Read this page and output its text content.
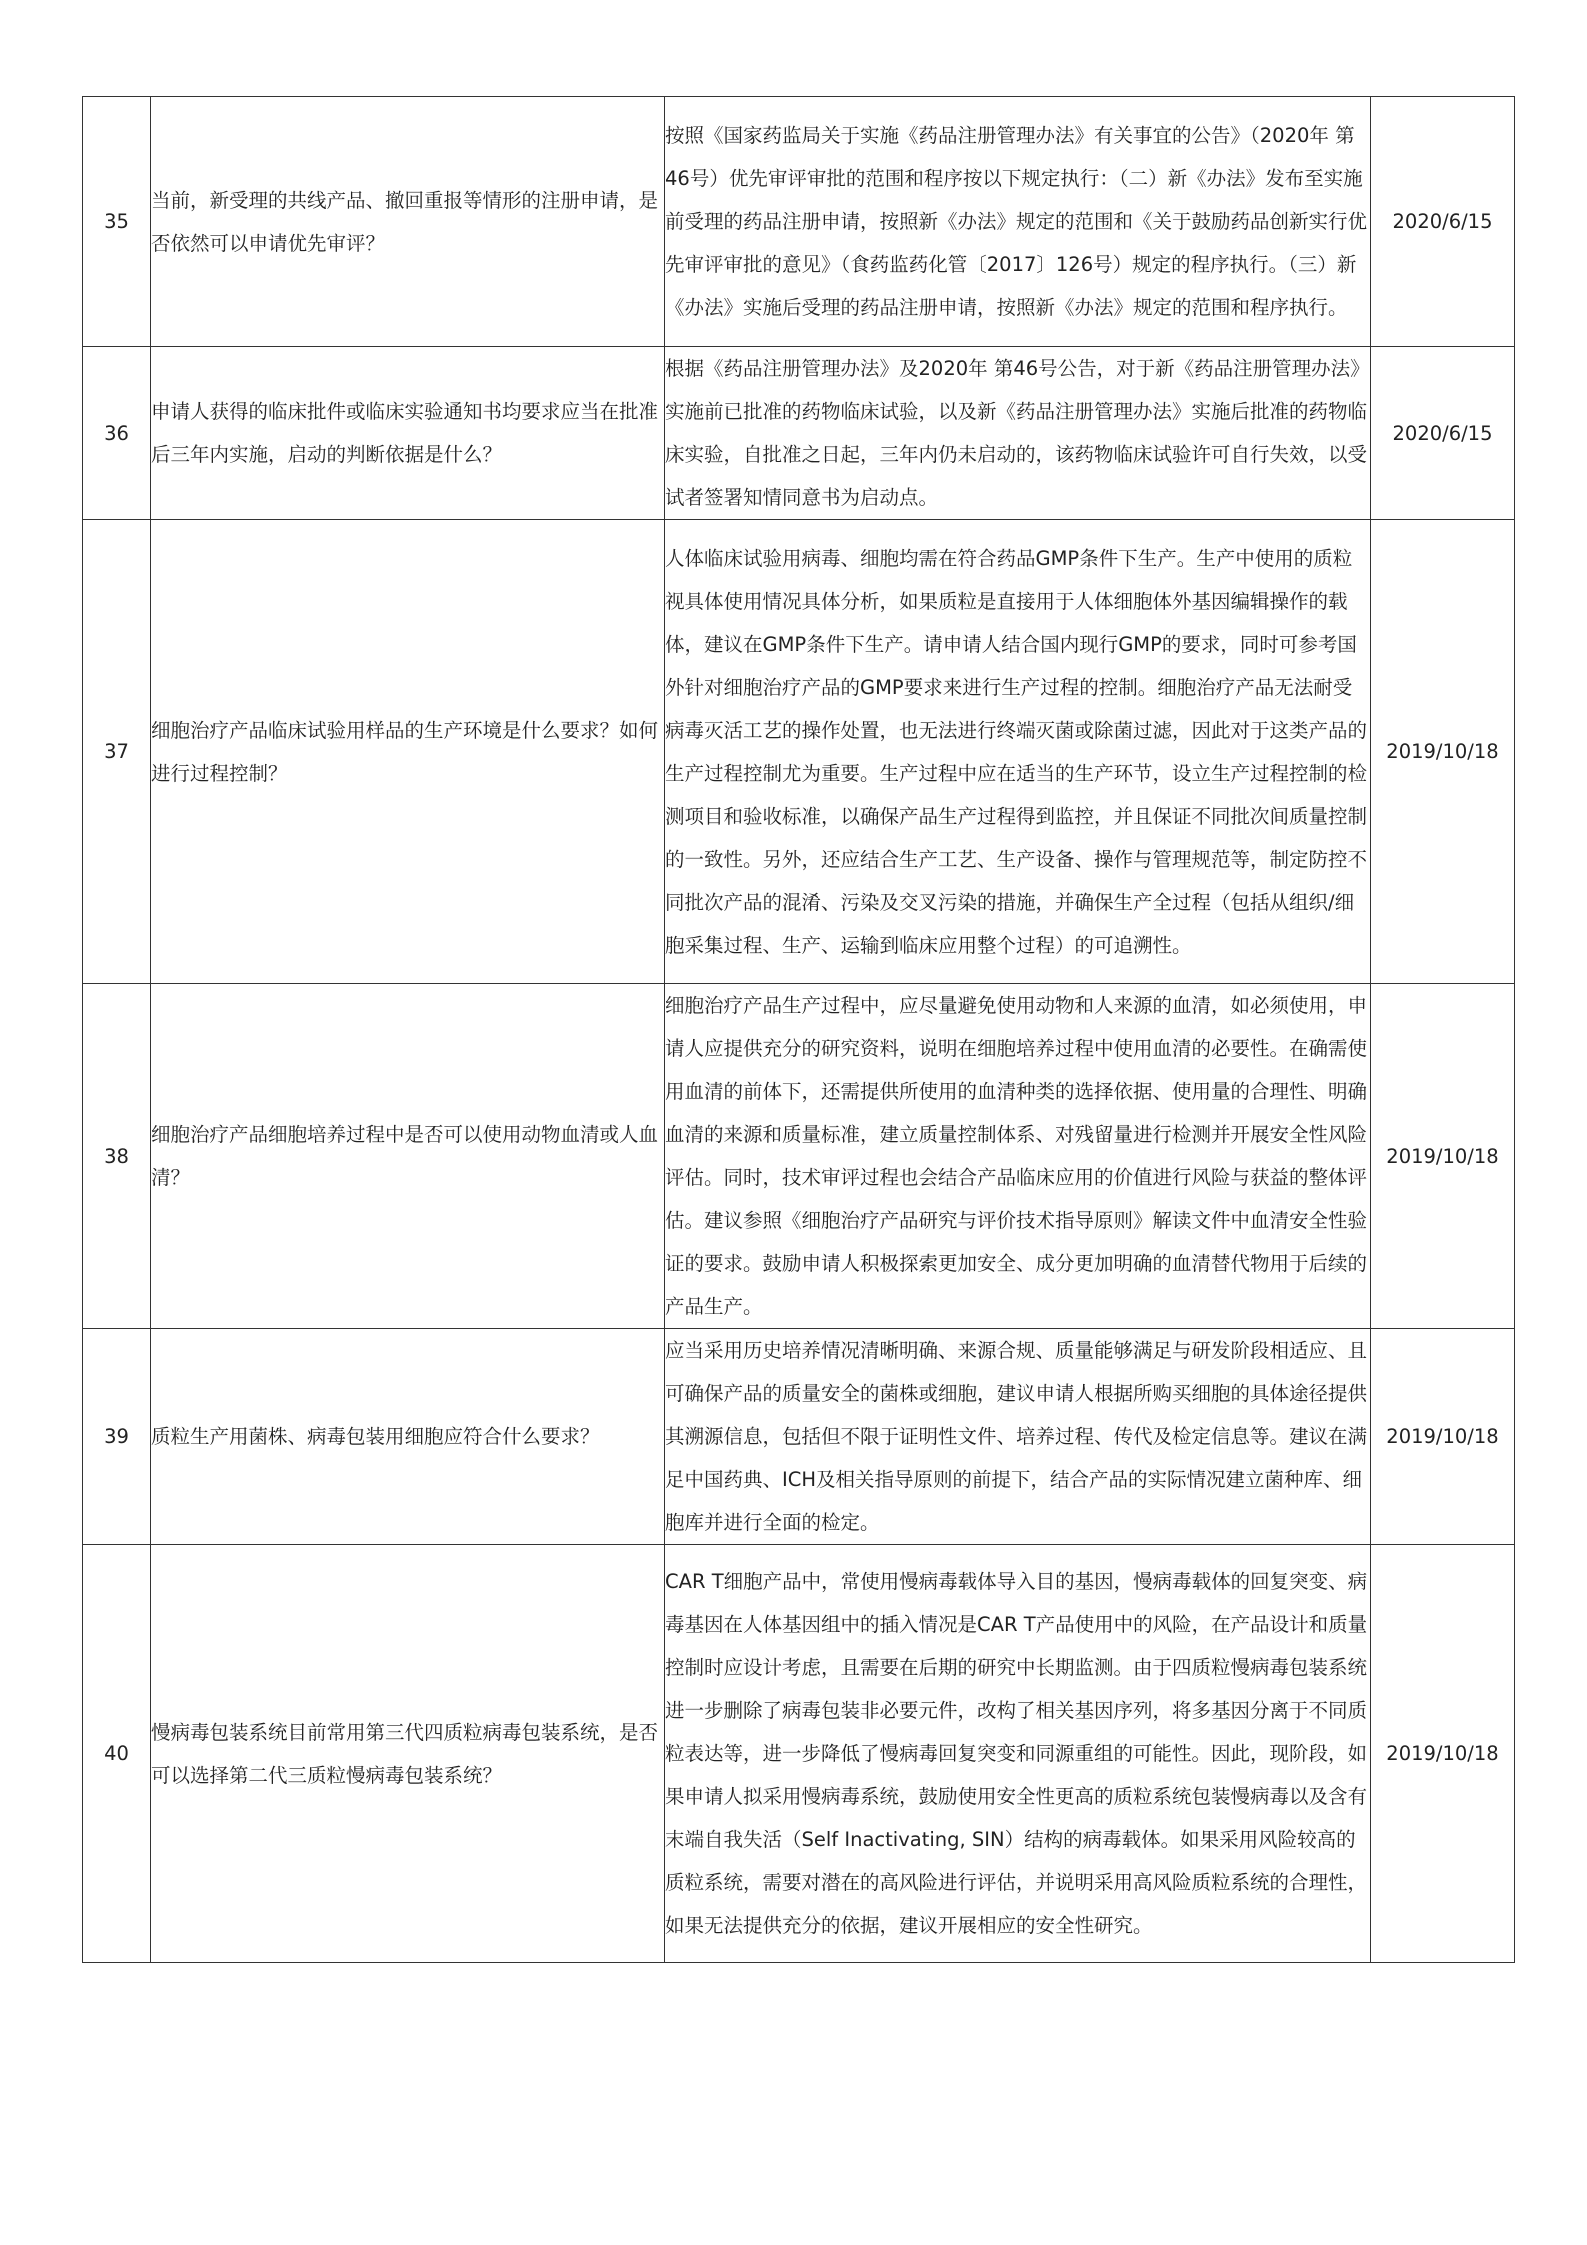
35	当前，新受理的共线产品、撤回重报等情形的注册申请，是否依然可以申请优先审评？	按照《国家药监局关于实施《药品注册管理办法》有关事宜的公告》（2020年 第46号）优先审评审批的范围和程序按以下规定执行：（二）新《办法》发布至实施前受理的药品注册申请，按照新《办法》规定的范围和《关于鼓励药品创新实行优先审评审批的意见》（食药监药化管〔2017〕126号）规定的程序执行。（三）新《办法》实施后受理的药品注册申请，按照新《办法》规定的范围和程序执行。	2020/6/15
36	申请人获得的临床批件或临床实验通知书均要求应当在批准后三年内实施，启动的判断依据是什么？	根据《药品注册管理办法》及2020年 第46号公告，对于新《药品注册管理办法》实施前已批准的药物临床试验，以及新《药品注册管理办法》实施后批准的药物临床实验，自批准之日起，三年内仍未启动的，该药物临床试验许可自行失效，以受试者签署知情同意书为启动点。	2020/6/15
37	细胞治疗产品临床试验用样品的生产环境是什么要求？如何进行过程控制？	人体临床试验用病毒、细胞均需在符合药品GMP条件下生产。生产中使用的质粒视具体使用情况具体分析，如果质粒是直接用于人体细胞体外基因编辑操作的载体，建议在GMP条件下生产。请申请人结合国内现行GMP的要求，同时可参考国外针对细胞治疗产品的GMP要求来进行生产过程的控制。细胞治疗产品无法耐受病毒灭活工艺的操作处置，也无法进行终端灭菌或除菌过滤，因此对于这类产品的生产过程控制尤为重要。生产过程中应在适当的生产环节，设立生产过程控制的检测项目和验收标准，以确保产品生产过程得到监控，并且保证不同批次间质量控制的一致性。另外，还应结合生产工艺、生产设备、操作与管理规范等，制定防控不同批次产品的混淆、污染及交叉污染的措施，并确保生产全过程（包括从组织/细胞采集过程、生产、运输到临床应用整个过程）的可追溯性。	2019/10/18
38	细胞治疗产品细胞培养过程中是否可以使用动物血清或人血清？	细胞治疗产品生产过程中，应尽量避免使用动物和人来源的血清，如必须使用，申请人应提供充分的研究资料，说明在细胞培养过程中使用血清的必要性。在确需使用血清的前体下，还需提供所使用的血清种类的选择依据、使用量的合理性、明确血清的来源和质量标准，建立质量控制体系、对残留量进行检测并开展安全性风险评估。同时，技术审评过程也会结合产品临床应用的价值进行风险与获益的整体评估。建议参照《细胞治疗产品研究与评价技术指导原则》解读文件中血清安全性验证的要求。鼓励申请人积极探索更加安全、成分更加明确的血清替代物用于后续的产品生产。	2019/10/18
39	质粒生产用菌株、病毒包装用细胞应符合什么要求？	应当采用历史培养情况清晰明确、来源合规、质量能够满足与研发阶段相适应、且可确保产品的质量安全的菌株或细胞，建议申请人根据所购买细胞的具体途径提供其溯源信息，包括但不限于证明性文件、培养过程、传代及检定信息等。建议在满足中国药典、ICH及相关指导原则的前提下，结合产品的实际情况建立菌种库、细胞库并进行全面的检定。	2019/10/18
40	慢病毒包装系统目前常用第三代四质粒病毒包装系统，是否可以选择第二代三质粒慢病毒包装系统？	CAR T细胞产品中，常使用慢病毒载体导入目的基因，慢病毒载体的回复突变、病毒基因在人体基因组中的插入情况是CAR T产品使用中的风险，在产品设计和质量控制时应设计考虑，且需要在后期的研究中长期监测。由于四质粒慢病毒包装系统进一步删除了病毒包装非必要元件，改构了相关基因序列，将多基因分离于不同质粒表达等，进一步降低了慢病毒回复突变和同源重组的可能性。因此，现阶段，如果申请人拟采用慢病毒系统，鼓励使用安全性更高的质粒系统包装慢病毒以及含有末端自我失活（Self Inactivating, SIN）结构的病毒载体。如果采用风险较高的质粒系统，需要对潜在的高风险进行评估，并说明采用高风险质粒系统的合理性，如果无法提供充分的依据，建议开展相应的安全性研究。	2019/10/18
